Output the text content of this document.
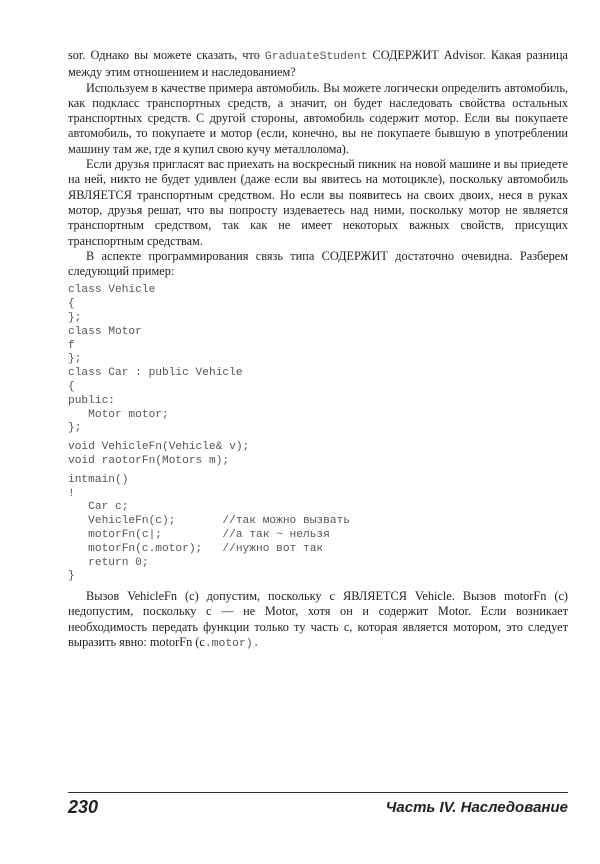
sor. Однако вы можете сказать, что GraduateStudent СОДЕРЖИТ Advisor. Какая разница между этим отношением и наследованием?

Используем в качестве примера автомобиль. Вы можете логически определить автомобиль, как подкласс транспортных средств, а значит, он будет наследовать свойства остальных транспортных средств. С другой стороны, автомобиль содержит мотор. Если вы покупаете автомобиль, то покупаете и мотор (если, конечно, вы не покупаете бывшую в употреблении машину там же, где я купил свою кучу металлолома).

Если друзья пригласят вас приехать на воскресный пикник на новой машине и вы приедете на ней, никто не будет удивлен (даже если вы явитесь на мотоцикле), поскольку автомобиль ЯВЛЯЕТСЯ транспортным средством. Но если вы появитесь на своих двоих, неся в руках мотор, друзья решат, что вы попросту издеваетесь над ними, поскольку мотор не является транспортным средством, так как не имеет некоторых важных свойств, присущих транспортным средствам.

В аспекте программирования связь типа СОДЕРЖИТ достаточно очевидна. Разберем следующий пример:

class Vehicle
{
};
class Motor
f
};
class Car : public Vehicle
{
public:
Motor motor;
};
void VehicleFn(Vehicle& v);
void raotorFn(Motors m);
intmain()
!
Car c;
VehicleFn(c);       //так можно вызвать
motorFn(c|;         //а так ~ нельзя
motorFn(c.motor);   //нужно вот так
return 0;
}

Вызов VehicleFn (c) допустим, поскольку с ЯВЛЯЕТСЯ Vehicle. Вызов motorFn (c) недопустим, поскольку c — не Motor, хотя он и содержит Motor. Если возникает необходимость передать функции только ту часть с, которая является мотором, это следует выразить явно: motorFn (c.motor).

230	Часть IV. Наследование
